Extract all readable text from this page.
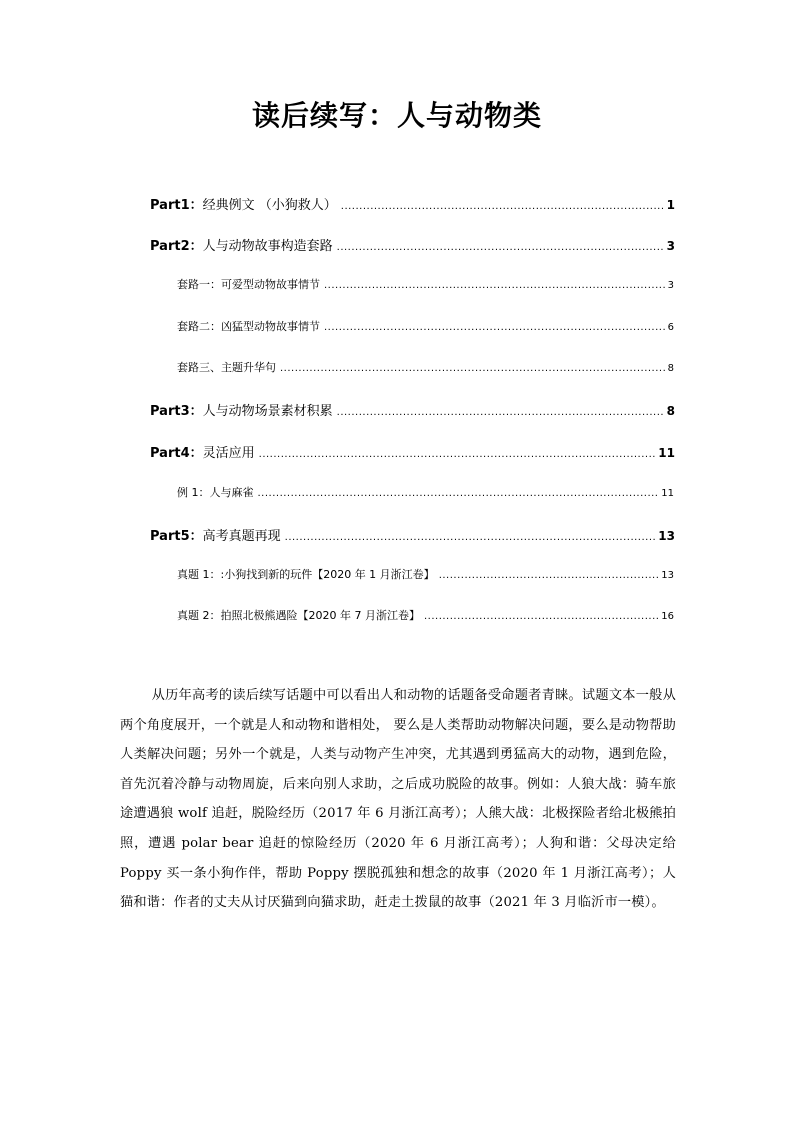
读后续写：人与动物类
Part1：经典例文 （小狗救人） .....	1
Part2：人与动物故事构造套路 .....	3
套路一：可爱型动物故事情节 .....	3
套路二：凶猛型动物故事情节 .....	6
套路三、主题升华句 .....	8
Part3：人与动物场景素材积累 .....	8
Part4：灵活应用 .....	11
例 1：人与麻雀 .....	11
Part5：高考真题再现 .....	13
真题 1：:小狗找到新的玩件【2020 年 1 月浙江卷】 .....	13
真题 2：拍照北极熊遇险【2020 年 7 月浙江卷】 .....	16

从历年高考的读后续写话题中可以看出人和动物的话题备受命题者青睐。试题文本一般从两个角度展开，一个就是人和动物和谐相处， 要么是人类帮助动物解决问题，要么是动物帮助人类解决问题；另外一个就是，人类与动物产生冲突，尤其遇到勇猛高大的动物，遇到危险，首先沉着冷静与动物周旋，后来向别人求助，之后成功脱险的故事。例如：人狼大战：骑车旅途遭遇狼 wolf 追赶，脱险经历（2017 年 6 月浙江高考）；人熊大战：北极探险者给北极熊拍照，遭遇 polar bear 追赶的惊险经历（2020 年 6 月浙江高考）；人狗和谐：父母决定给 Poppy 买一条小狗作伴，帮助 Poppy 摆脱孤独和想念的故事（2020 年 1 月浙江高考）；人猫和谐：作者的丈夫从讨厌猫到向猫求助，赶走土拨鼠的故事（2021 年 3 月临沂市一模）。
